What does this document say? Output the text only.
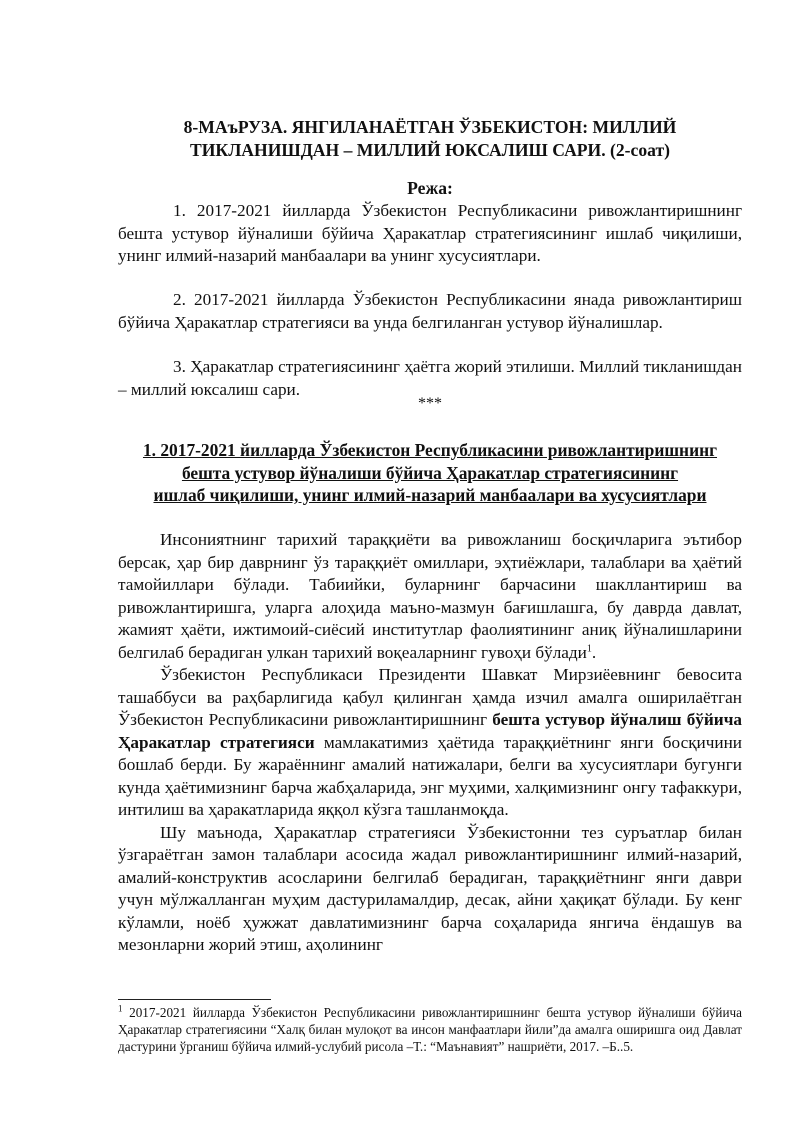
8-МАъРУЗА. ЯНГИЛАНАЁТГАН ЎЗБЕКИСТОН: МИЛЛИЙ
ТИКЛАНИШДАН – МИЛЛИЙ ЮКСАЛИШ САРИ. (2-соат)
Режа:
1. 2017-2021 йилларда Ўзбекистон Республикасини ривожлантиришнинг бешта устувор йўналиши бўйича Ҳаракатлар стратегиясининг ишлаб чиқилиши, унинг илмий-назарий манбаалари ва унинг хусусиятлари.
2. 2017-2021 йилларда Ўзбекистон Республикасини янада ривожлантириш бўйича Ҳаракатлар стратегияси ва унда белгиланган устувор йўналишлар.
3. Ҳаракатлар стратегиясининг ҳаётга жорий этилиши. Миллий тикланишдан – миллий юксалиш сари.
***
1. 2017-2021 йилларда Ўзбекистон Республикасини ривожлантиришнинг
бешта устувор йўналиши бўйича Ҳаракатлар стратегиясининг
ишлаб чиқилиши, унинг илмий-назарий манбаалари ва хусусиятлари

Инсониятнинг тарихий тараққиёти ва ривожланиш босқичларига эътибор берсак, ҳар бир даврнинг ўз тараққиёт омиллари, эҳтиёжлари, талаблари ва ҳаётий тамойиллари бўлади. Табиийки, буларнинг барчасини шакллантириш ва ривожлантиришга, уларга алоҳида маъно-мазмун бағишлашга, бу даврда давлат, жамият ҳаёти, ижтимоий-сиёсий институтлар фаолиятининг аниқ йўналишларини белгилаб берадиган улкан тарихий воқеаларнинг гувоҳи бўлади$^1$.

Ўзбекистон Республикаси Президенти Шавкат Мирзиёевнинг бевосита ташаббуси ва раҳбарлигида қабул қилинган ҳамда изчил амалга оширилаётган Ўзбекистон Республикасини ривожлантиришнинг бешта устувор йўналиш бўйича Ҳаракатлар стратегияси мамлакатимиз ҳаётида тараққиётнинг янги босқичини бошлаб берди. Бу жараённинг амалий натижалари, белги ва хусусиятлари бугунги кунда ҳаётимизнинг барча жабҳаларида, энг муҳими, халқимизнинг онгу тафаккури, интилиш ва ҳаракатларида яққол кўзга ташланмоқда.

Шу маънода, Ҳаракатлар стратегияси Ўзбекистонни тез суръатлар билан ўзгараётган замон талаблари асосида жадал ривожлантиришнинг илмий-назарий, амалий-конструктив асосларини белгилаб берадиган, тараққиётнинг янги даври учун мўлжалланган муҳим дастуриламалдир, десак, айни ҳақиқат бўлади. Бу кенг кўламли, ноёб ҳужжат давлатимизнинг барча соҳаларида янгича ёндашув ва мезонларни жорий этиш, аҳолининг

$^1$ 2017-2021 йилларда Ўзбекистон Республикасини ривожлантиришнинг бешта устувор йўналиши бўйича Ҳаракатлар стратегиясини “Халқ билан мулоқот ва инсон манфаатлари йили”да амалга оширишга оид Давлат дастурини ўрганиш бўйича илмий-услубий рисола –Т.: “Маънавият” нашриёти, 2017. –Б..5.
